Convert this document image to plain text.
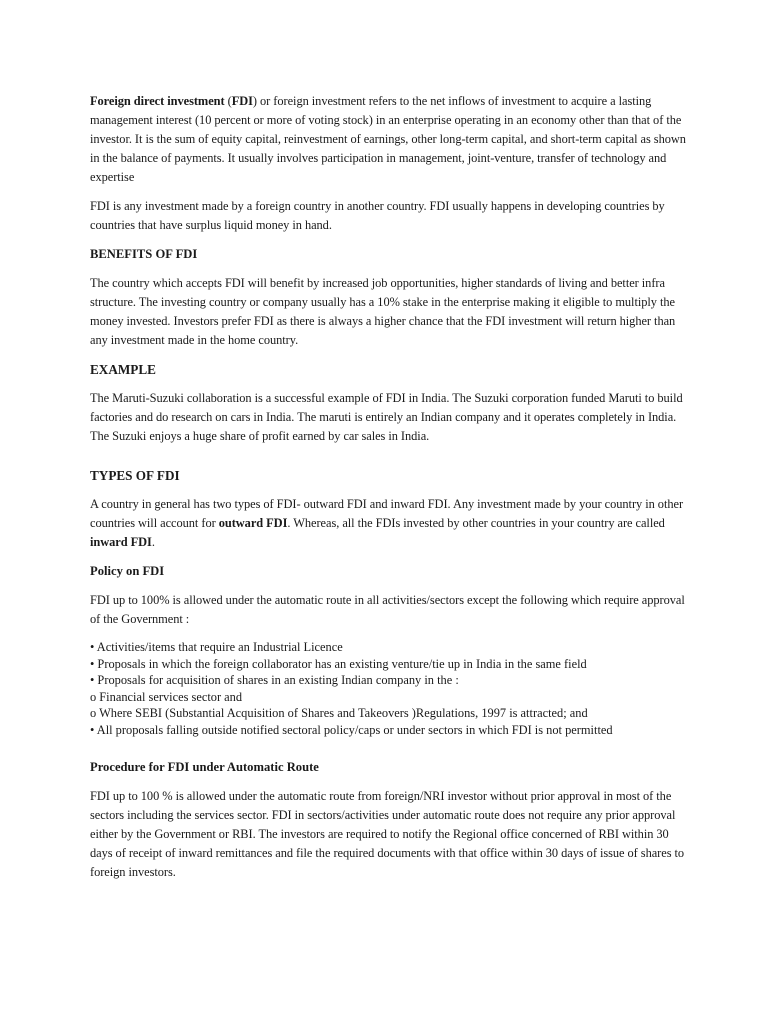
Foreign direct investment (FDI) or foreign investment refers to the net inflows of investment to acquire a lasting management interest (10 percent or more of voting stock) in an enterprise operating in an economy other than that of the investor. It is the sum of equity capital, reinvestment of earnings, other long-term capital, and short-term capital as shown in the balance of payments. It usually involves participation in management, joint-venture, transfer of technology and expertise

FDI is any investment made by a foreign country in another country. FDI usually happens in developing countries by countries that have surplus liquid money in hand.

BENEFITS OF FDI

The country which accepts FDI will benefit by increased job opportunities, higher standards of living and better infra structure. The investing country or company usually has a 10% stake in the enterprise making it eligible to multiply the money invested. Investors prefer FDI as there is always a higher chance that the FDI investment will return higher than any investment made in the home country.

EXAMPLE

The Maruti-Suzuki collaboration is a successful example of FDI in India. The Suzuki corporation funded Maruti to build factories and do research on cars in India. The maruti is entirely an Indian company and it operates completely in India. The Suzuki enjoys a huge share of profit earned by car sales in India.

TYPES OF FDI

A country in general has two types of FDI- outward FDI and inward FDI. Any investment made by your country in other countries will account for outward FDI. Whereas, all the FDIs invested by other countries in your country are called inward FDI.

Policy on FDI

FDI up to 100% is allowed under the automatic route in all activities/sectors except the following which require approval of the Government :

• Activities/items that require an Industrial Licence
• Proposals in which the foreign collaborator has an existing venture/tie up in India in the same field
• Proposals for acquisition of shares in an existing Indian company in the :
o Financial services sector and
o Where SEBI (Substantial Acquisition of Shares and Takeovers )Regulations, 1997 is attracted; and
• All proposals falling outside notified sectoral policy/caps or under sectors in which FDI is not permitted
Procedure for FDI under Automatic Route

FDI up to 100 % is allowed under the automatic route from foreign/NRI investor without prior approval in most of the sectors including the services sector. FDI in sectors/activities under automatic route does not require any prior approval either by the Government or RBI. The investors are required to notify the Regional office concerned of RBI within 30 days of receipt of inward remittances and file the required documents with that office within 30 days of issue of shares to foreign investors.
